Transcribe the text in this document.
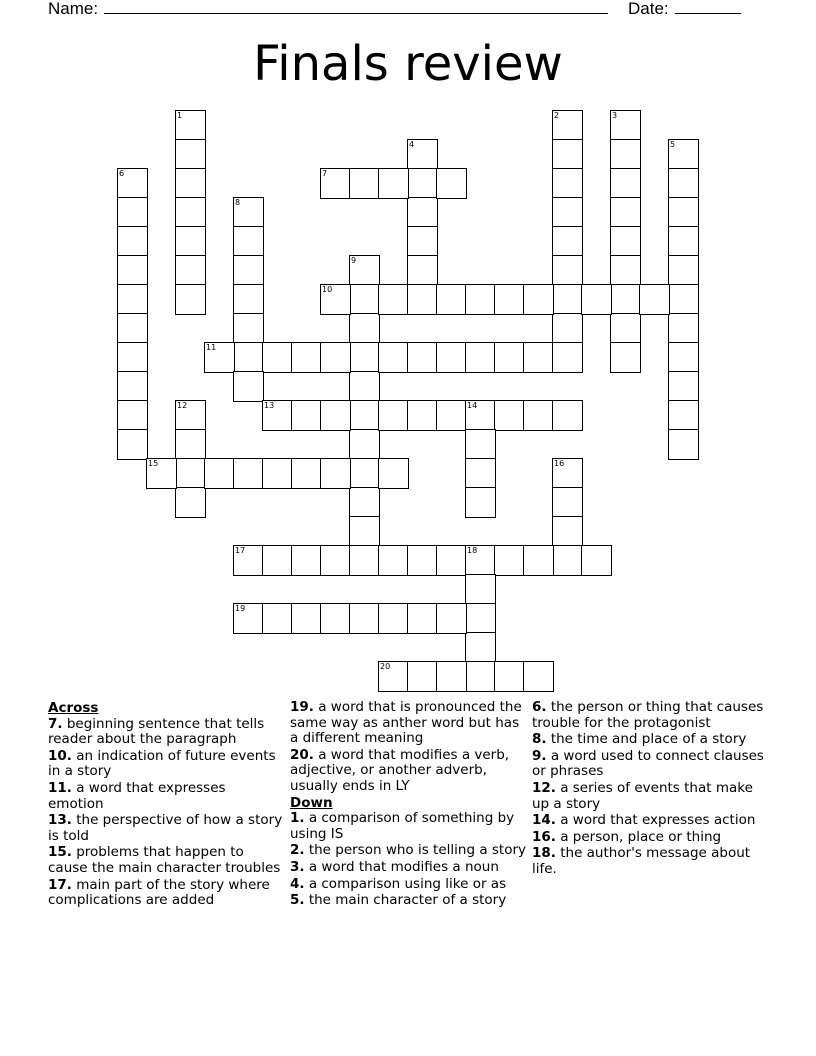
Name:	Date:
Finals review
1	2	3
4	5
6	7
8
9
10
11
12	13	14
15	16
17	18
19
20
Across
7. beginning sentence that tells reader about the paragraph
10. an indication of future events in a story
11. a word that expresses emotion
13. the perspective of how a story is told
15. problems that happen to cause the main character troubles
17. main part of the story where complications are added
19. a word that is pronounced the same way as anther word but has a different meaning
20. a word that modifies a verb, adjective, or another adverb, usually ends in LY
Down
1. a comparison of something by using IS
2. the person who is telling a story
3. a word that modifies a noun
4. a comparison using like or as
5. the main character of a story
6. the person or thing that causes trouble for the protagonist
8. the time and place of a story
9. a word used to connect clauses or phrases
12. a series of events that make up a story
14. a word that expresses action
16. a person, place or thing
18. the author's message about life.
